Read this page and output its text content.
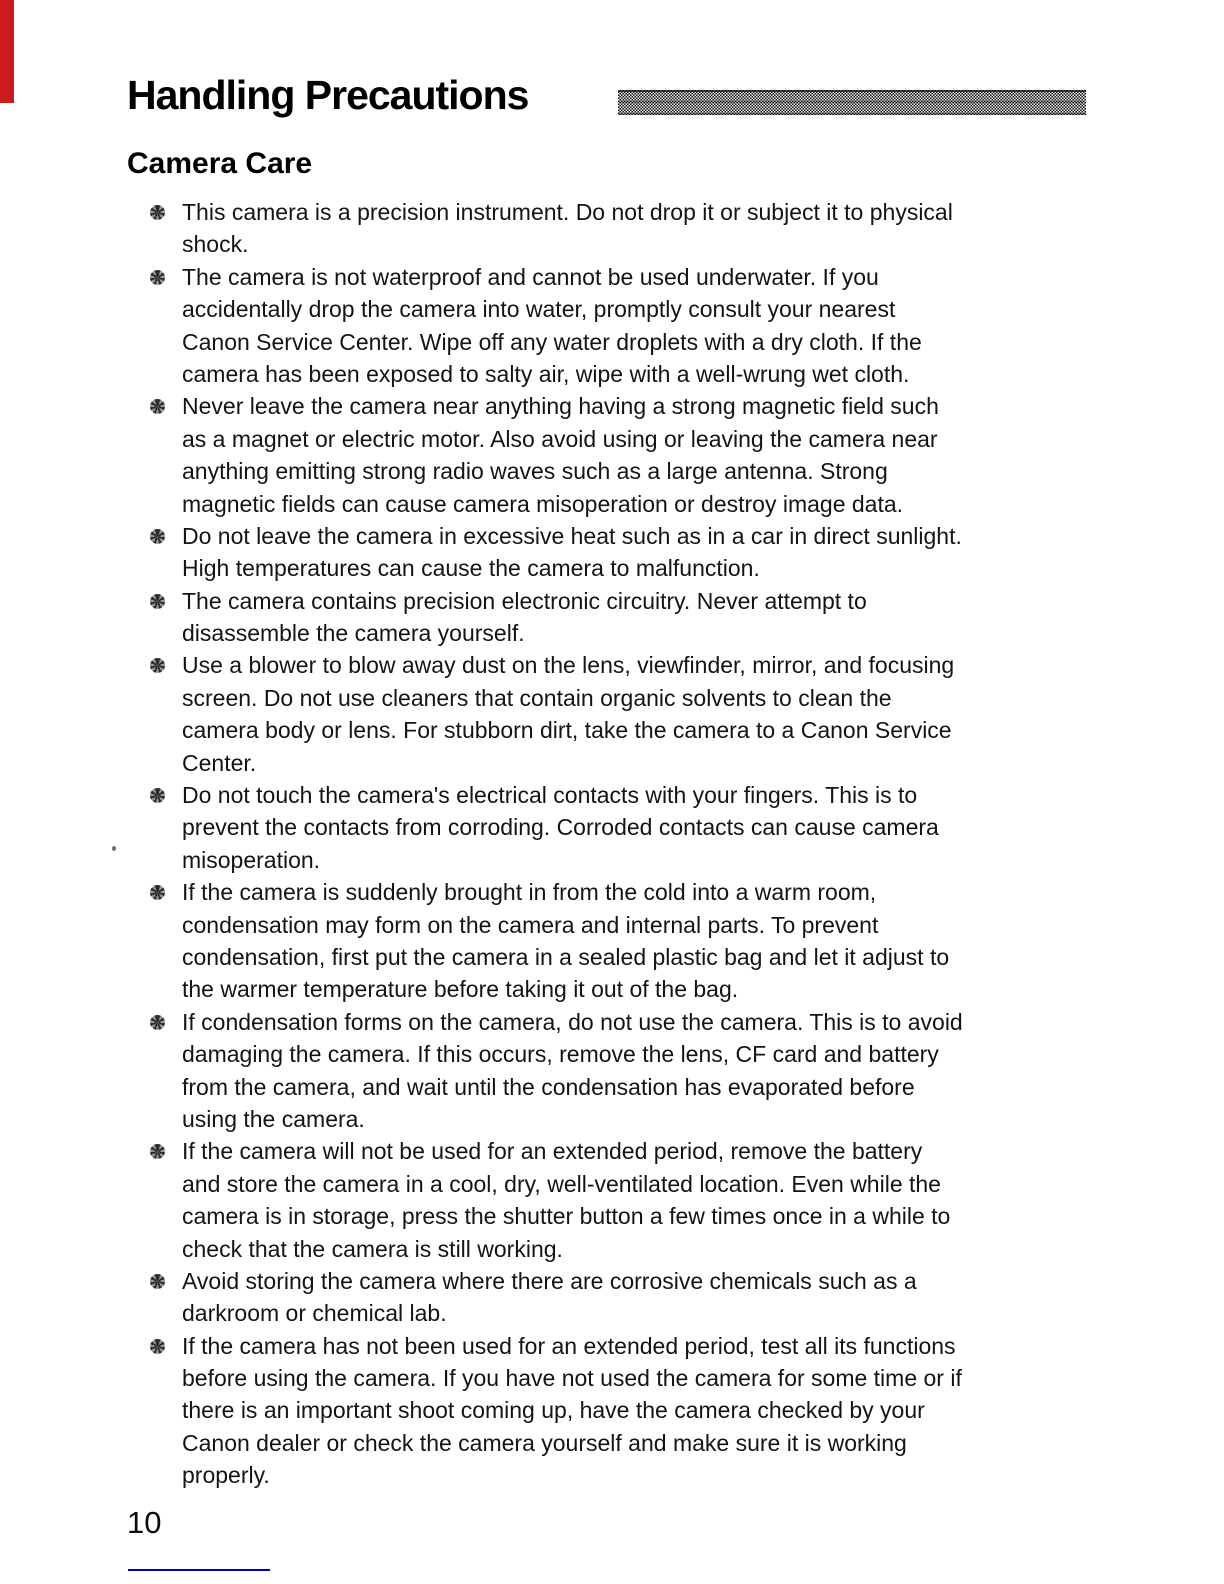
Handling Precautions
Camera Care
This camera is a precision instrument. Do not drop it or subject it to physical
shock.
The camera is not waterproof and cannot be used underwater. If you
accidentally drop the camera into water, promptly consult your nearest
Canon Service Center. Wipe off any water droplets with a dry cloth. If the
camera has been exposed to salty air, wipe with a well-wrung wet cloth.
Never leave the camera near anything having a strong magnetic field such
as a magnet or electric motor. Also avoid using or leaving the camera near
anything emitting strong radio waves such as a large antenna. Strong
magnetic fields can cause camera misoperation or destroy image data.
Do not leave the camera in excessive heat such as in a car in direct sunlight.
High temperatures can cause the camera to malfunction.
The camera contains precision electronic circuitry. Never attempt to
disassemble the camera yourself.
Use a blower to blow away dust on the lens, viewfinder, mirror, and focusing
screen. Do not use cleaners that contain organic solvents to clean the
camera body or lens. For stubborn dirt, take the camera to a Canon Service
Center.
Do not touch the camera's electrical contacts with your fingers. This is to
prevent the contacts from corroding. Corroded contacts can cause camera
misoperation.
If the camera is suddenly brought in from the cold into a warm room,
condensation may form on the camera and internal parts. To prevent
condensation, first put the camera in a sealed plastic bag and let it adjust to
the warmer temperature before taking it out of the bag.
If condensation forms on the camera, do not use the camera. This is to avoid
damaging the camera. If this occurs, remove the lens, CF card and battery
from the camera, and wait until the condensation has evaporated before
using the camera.
If the camera will not be used for an extended period, remove the battery
and store the camera in a cool, dry, well-ventilated location. Even while the
camera is in storage, press the shutter button a few times once in a while to
check that the camera is still working.
Avoid storing the camera where there are corrosive chemicals such as a
darkroom or chemical lab.
If the camera has not been used for an extended period, test all its functions
before using the camera. If you have not used the camera for some time or if
there is an important shoot coming up, have the camera checked by your
Canon dealer or check the camera yourself and make sure it is working
properly.
10
